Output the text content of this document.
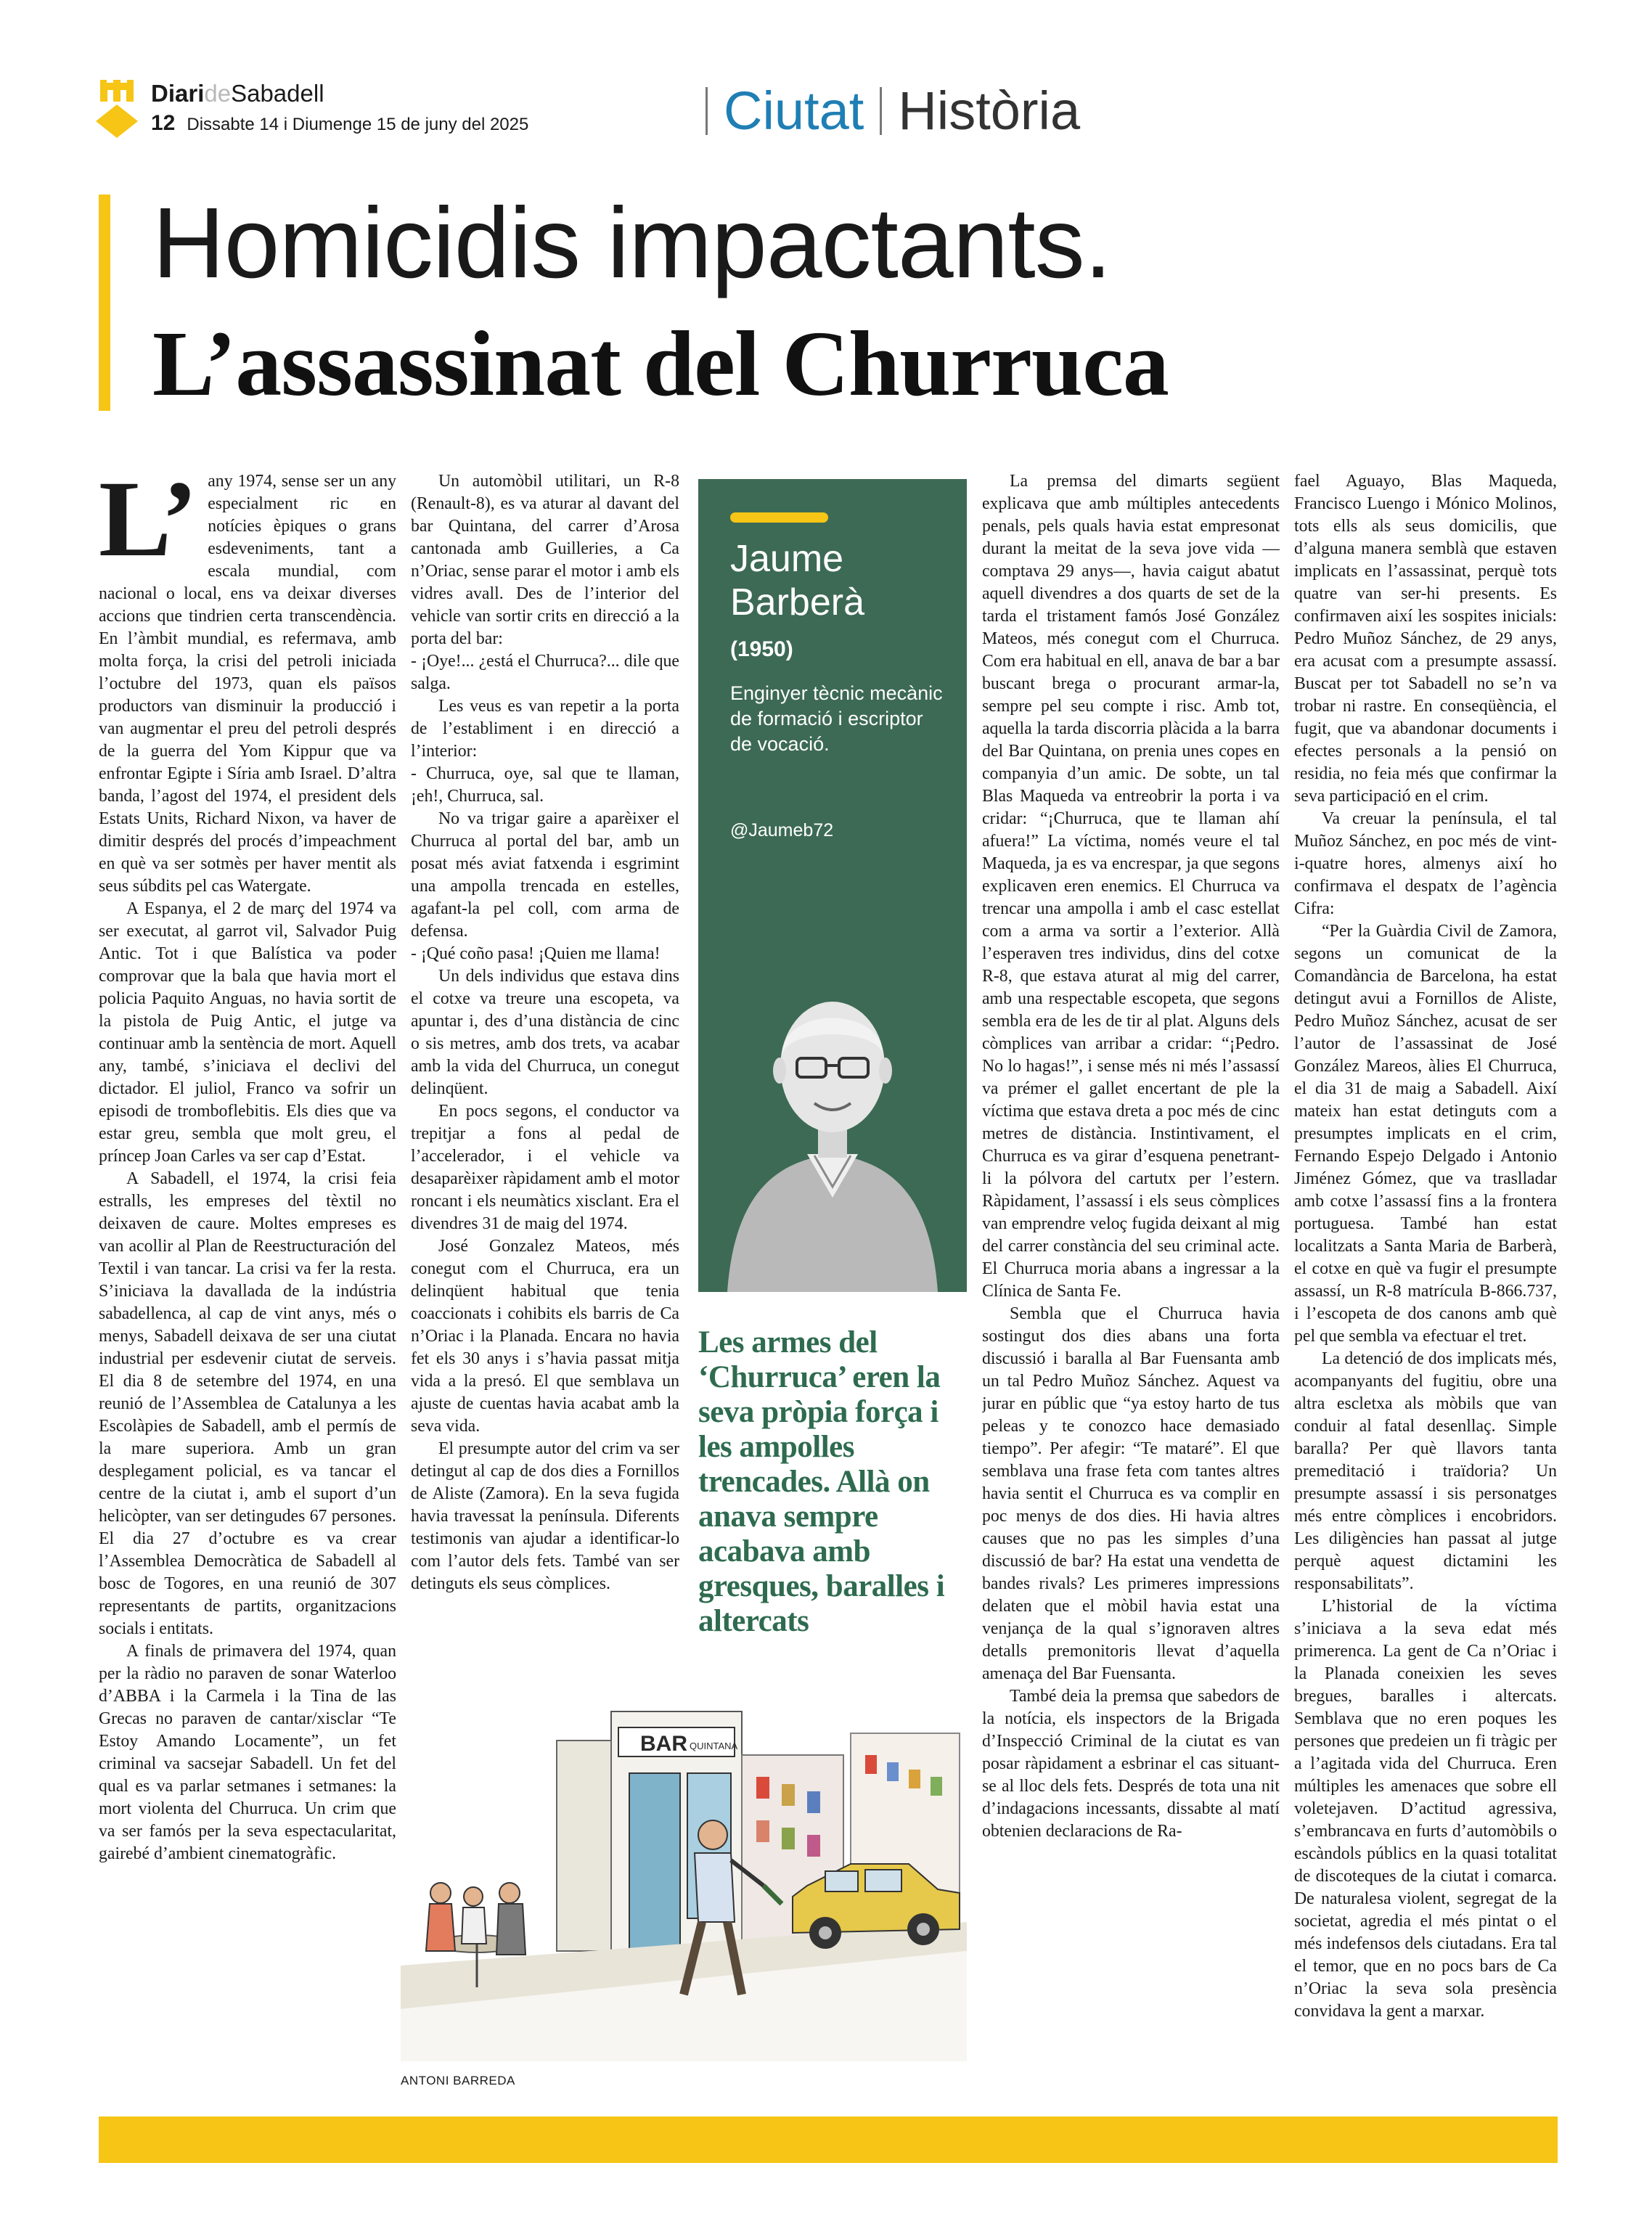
DiarideSabadell
12 Dissabte 14 i Diumenge 15 de juny del 2025	Ciutat Història
Homicidis impactants.
L’assassinat del Churruca
L’ any 1974, sense ser un any especialment ric en notícies èpiques o grans esdeveniments, tant a escala mundial, com nacional o local, ens va deixar diverses accions que tindrien certa transcendència. En l’àmbit mundial, es refermava, amb molta força, la crisi del petroli iniciada l’octubre del 1973, quan els països productors van disminuir la producció i van augmentar el preu del petroli després de la guerra del Yom Kippur que va enfrontar Egipte i Síria amb Israel. D’altra banda, l’agost del 1974, el president dels Estats Units, Richard Nixon, va haver de dimitir després del procés d’impeachment en què va ser sotmès per haver mentit als seus súbdits pel cas Watergate.

A Espanya, el 2 de març del 1974 va ser executat, al garrot vil, Salvador Puig Antic. Tot i que Balística va poder comprovar que la bala que havia mort el policia Paquito Anguas, no havia sortit de la pistola de Puig Antic, el jutge va continuar amb la sentència de mort. Aquell any, també, s’iniciava el declivi del dictador. El juliol, Franco va sofrir un episodi de tromboflebitis. Els dies que va estar greu, sembla que molt greu, el príncep Joan Carles va ser cap d’Estat.

A Sabadell, el 1974, la crisi feia estralls, les empreses del tèxtil no deixaven de caure. Moltes empreses es van acollir al Plan de Reestructuración del Textil i van tancar. La crisi va fer la resta. S’iniciava la davallada de la indústria sabadellenca, al cap de vint anys, més o menys, Sabadell deixava de ser una ciutat industrial per esdevenir ciutat de serveis. El dia 8 de setembre del 1974, en una reunió de l’Assemblea de Catalunya a les Escolàpies de Sabadell, amb el permís de la mare superiora. Amb un gran desplegament policial, es va tancar el centre de la ciutat i, amb el suport d’un helicòpter, van ser detingudes 67 persones. El dia 27 d’octubre es va crear l’Assemblea Democràtica de Sabadell al bosc de Togores, en una reunió de 307 representants de partits, organitzacions socials i entitats.

A finals de primavera del 1974, quan per la ràdio no paraven de sonar Waterloo d’ABBA i la Carmela i la Tina de las Grecas no paraven de cantar/xisclar “Te Estoy Amando Locamente”, un fet criminal va sacsejar Sabadell. Un fet del qual es va parlar setmanes i setmanes: la mort violenta del Churruca. Un crim que va ser famós per la seva espectacularitat, gairebé d’ambient cinematogràfic.

Un automòbil utilitari, un R-8 (Renault-8), es va aturar al davant del bar Quintana, del carrer d’Arosa cantonada amb Guilleries, a Ca n’Oriac, sense parar el motor i amb els vidres avall. Des de l’interior del vehicle van sortir crits en direcció a la porta del bar:

- ¡Oye!... ¿está el Churruca?... dile que salga.

Les veus es van repetir a la porta de l’establiment i en direcció a l’interior:

- Churruca, oye, sal que te llaman, ¡eh!, Churruca, sal.

No va trigar gaire a aparèixer el Churruca al portal del bar, amb un posat més aviat fatxenda i esgrimint una ampolla trencada en estelles, agafant-la pel coll, com arma de defensa.

- ¡Qué coño pasa! ¡Quien me llama!

Un dels individus que estava dins el cotxe va treure una escopeta, va apuntar i, des d’una distància de cinc o sis metres, amb dos trets, va acabar amb la vida del Churruca, un conegut delinqüent.

En pocs segons, el conductor va trepitjar a fons al pedal de l’accelerador, i el vehicle va desaparèixer ràpidament amb el motor roncant i els neumàtics xisclant. Era el divendres 31 de maig del 1974.

José Gonzalez Mateos, més conegut com el Churruca, era un delinqüent habitual que tenia coaccionats i cohibits els barris de Ca n’Oriac i la Planada. Encara no havia fet els 30 anys i s’havia passat mitja vida a la presó. El que semblava un ajuste de cuentas havia acabat amb la seva vida.

El presumpte autor del crim va ser detingut al cap de dos dies a Fornillos de Aliste (Zamora). En la seva fugida havia travessat la península. Diferents testimonis van ajudar a identificar-lo com l’autor dels fets. També van ser detinguts els seus còmplices.

Jaume
Barberà
(1950)
Enginyer tècnic mecànic de formació i escriptor de vocació.
@Jaumeb72
Les armes del ‘Churruca’ eren la seva pròpia força i les ampolles trencades. Allà on anava sempre acabava amb gresques, baralles i altercats

La premsa del dimarts següent explicava que amb múltiples antecedents penals, pels quals havia estat empresonat durant la meitat de la seva jove vida —comptava 29 anys—, havia caigut abatut aquell divendres a dos quarts de set de la tarda el tristament famós José González Mateos, més conegut com el Churruca. Com era habitual en ell, anava de bar a bar buscant brega o procurant armar-la, sempre pel seu compte i risc. Amb tot, aquella la tarda discorria plàcida a la barra del Bar Quintana, on prenia unes copes en companyia d’un amic. De sobte, un tal Blas Maqueda va entreobrir la porta i va cridar: “¡Churruca, que te llaman ahí afuera!” La víctima, només veure el tal Maqueda, ja es va encrespar, ja que segons explicaven eren enemics. El Churruca va trencar una ampolla i amb el casc estellat com a arma va sortir a l’exterior. Allà l’esperaven tres individus, dins del cotxe R-8, que estava aturat al mig del carrer, amb una respectable escopeta, que segons sembla era de les de tir al plat. Alguns dels còmplices van arribar a cridar: “¡Pedro. No lo hagas!”, i sense més ni més l’assassí va prémer el gallet encertant de ple la víctima que estava dreta a poc més de cinc metres de distància. Instintivament, el Churruca es va girar d’esquena penetrant-li la pólvora del cartutx per l’estern. Ràpidament, l’assassí i els seus còmplices van emprendre veloç fugida deixant al mig del carrer constància del seu criminal acte. El Churruca moria abans a ingressar a la Clínica de Santa Fe.

Sembla que el Churruca havia sostingut dos dies abans una forta discussió i baralla al Bar Fuensanta amb un tal Pedro Muñoz Sánchez. Aquest va jurar en públic que “ya estoy harto de tus peleas y te conozco hace demasiado tiempo”. Per afegir: “Te mataré”. El que semblava una frase feta com tantes altres havia sentit el Churruca es va complir en poc menys de dos dies. Hi havia altres causes que no pas les simples d’una discussió de bar? Ha estat una vendetta de bandes rivals? Les primeres impressions delaten que el mòbil havia estat una venjança de la qual s’ignoraven altres detalls premonitoris llevat d’aquella amenaça del Bar Fuensanta.

També deia la premsa que sabedors de la notícia, els inspectors de la Brigada d’Inspecció Criminal de la ciutat es van posar ràpidament a esbrinar el cas situant-se al lloc dels fets. Després de tota una nit d’indagacions incessants, dissabte al matí obtenien declaracions de Ra-

fael Aguayo, Blas Maqueda, Francisco Luengo i Mónico Molinos, tots ells als seus domicilis, que d’alguna manera semblà que estaven implicats en l’assassinat, perquè tots quatre van ser-hi presents. Es confirmaven així les sospites inicials: Pedro Muñoz Sánchez, de 29 anys, era acusat com a presumpte assassí. Buscat per tot Sabadell no se’n va trobar ni rastre. En conseqüència, el fugit, que va abandonar documents i efectes personals a la pensió on residia, no feia més que confirmar la seva participació en el crim.

Va creuar la península, el tal Muñoz Sánchez, en poc més de vint-i-quatre hores, almenys així ho confirmava el despatx de l’agència Cifra:

“Per la Guàrdia Civil de Zamora, segons un comunicat de la Comandància de Barcelona, ha estat detingut avui a Fornillos de Aliste, Pedro Muñoz Sánchez, acusat de ser l’autor de l’assassinat de José González Mareos, àlies El Churruca, el dia 31 de maig a Sabadell. Així mateix han estat detinguts com a presumptes implicats en el crim, Fernando Espejo Delgado i Antonio Jiménez Gómez, que va traslladar amb cotxe l’assassí fins a la frontera portuguesa. També han estat localitzats a Santa Maria de Barberà, el cotxe en què va fugir el presumpte assassí, un R-8 matrícula B-866.737, i l’escopeta de dos canons amb què pel que sembla va efectuar el tret.

La detenció de dos implicats més, acompanyants del fugitiu, obre una altra escletxa als mòbils que van conduir al fatal desenllaç. Simple baralla? Per què llavors tanta premeditació i traïdoria? Un presumpte assassí i sis personatges més entre còmplices i encobridors. Les diligències han passat al jutge perquè aquest dictamini les responsabilitats”.

L’historial de la víctima s’iniciava a la seva edat més primerenca. La gent de Ca n’Oriac i la Planada coneixien les seves bregues, baralles i altercats. Semblava que no eren poques les persones que predeien un fi tràgic per a l’agitada vida del Churruca. Eren múltiples les amenaces que sobre ell voletejaven. D’actitud agressiva, s’embrancava en furts d’automòbils o escàndols públics en la quasi totalitat de discoteques de la ciutat i comarca. De naturalesa violent, segregat de la societat, agredia el més pintat o el més indefensos dels ciutadans. Era tal el temor, que en no pocs bars de Ca n’Oriac la seva sola presència convidava la gent a marxar.

BAR QUINTANA
ANTONI BARREDA
